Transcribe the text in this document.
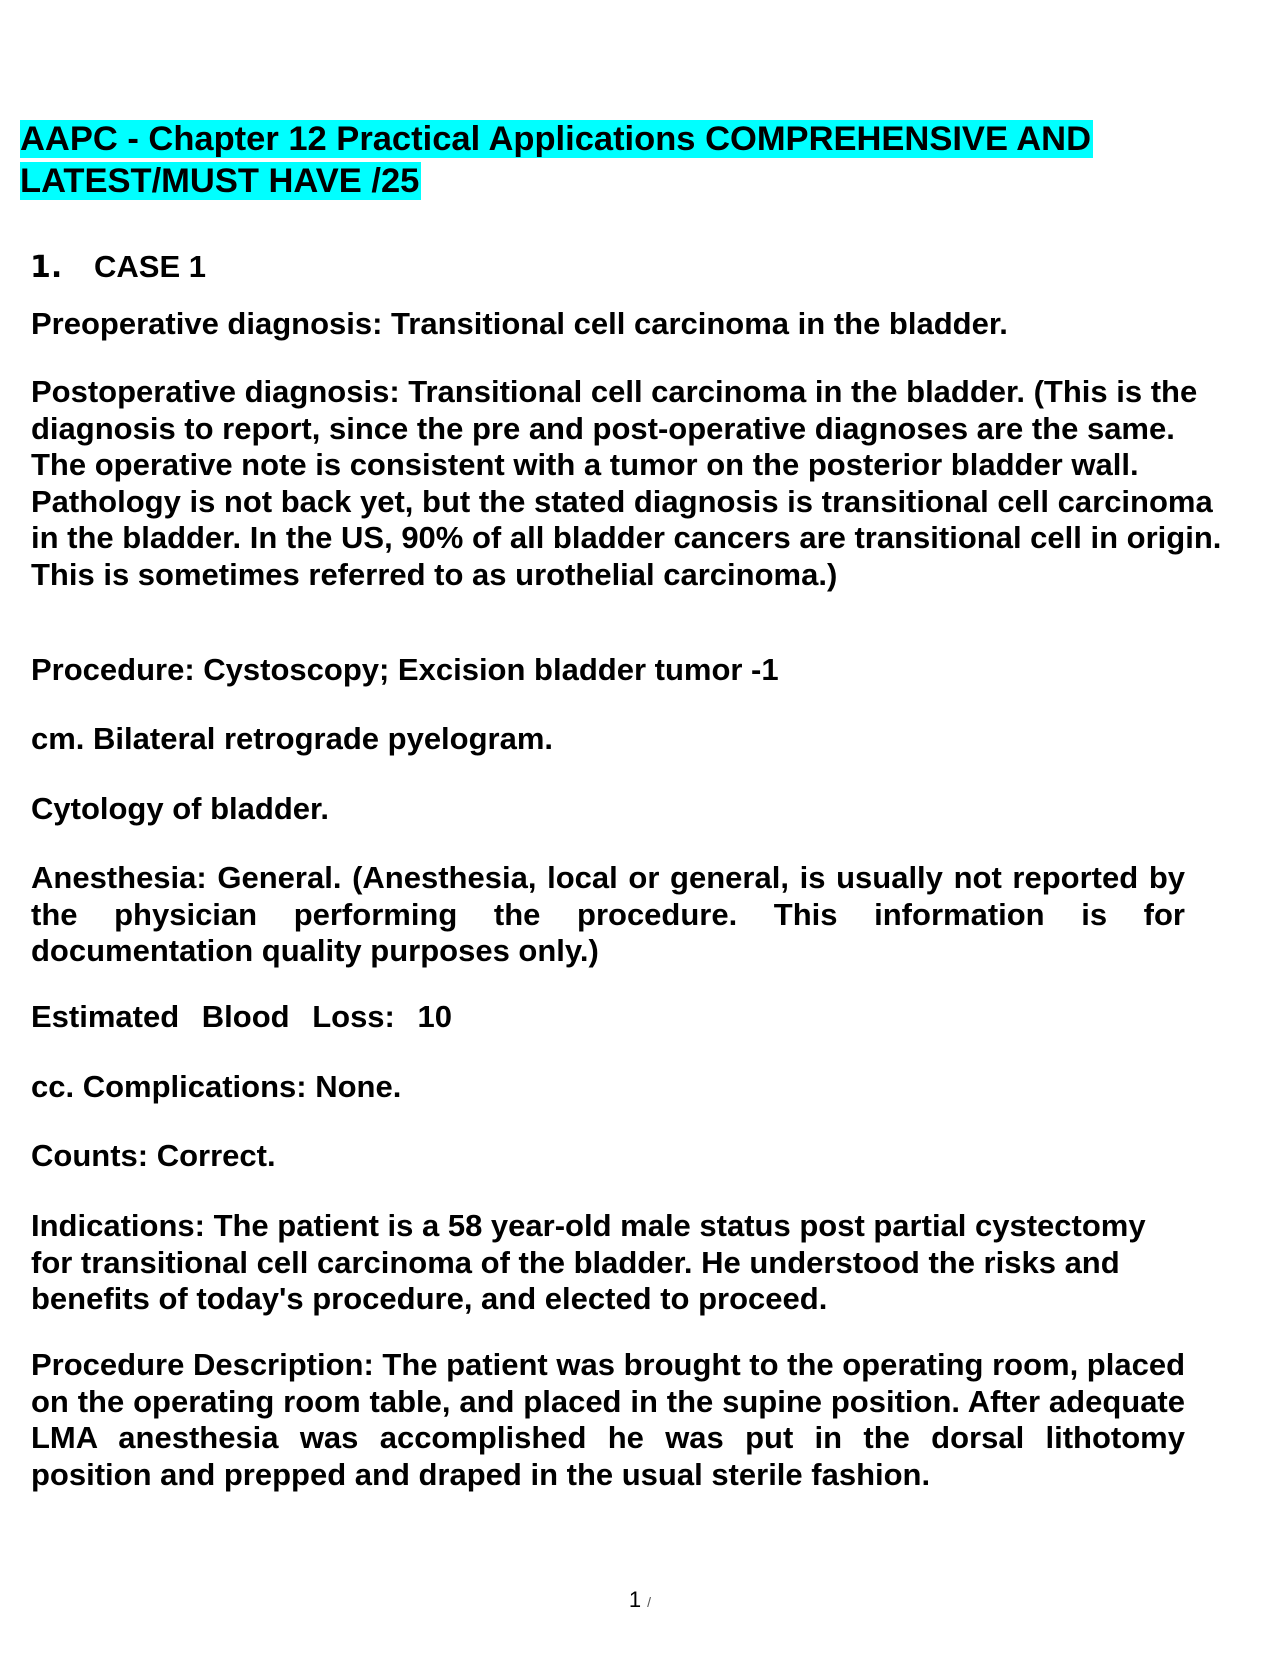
AAPC - Chapter 12 Practical Applications COMPREHENSIVE AND
LATEST/MUST HAVE /25

1. CASE 1

Preoperative diagnosis: Transitional cell carcinoma in the bladder.

Postoperative diagnosis: Transitional cell carcinoma in the bladder. (This is the diagnosis to report, since the pre and post-operative diagnoses are the same. The operative note is consistent with a tumor on the posterior bladder wall. Pathology is not back yet, but the stated diagnosis is transitional cell carcinoma in the bladder. In the US, 90% of all bladder cancers are transitional cell in origin. This is sometimes referred to as urothelial carcinoma.)

Procedure: Cystoscopy; Excision bladder tumor -1

cm. Bilateral retrograde pyelogram.

Cytology of bladder.

Anesthesia: General. (Anesthesia, local or general, is usually not reported by the physician performing the procedure. This information is for documentation quality purposes only.)

Estimated Blood Loss: 10

cc. Complications: None.

Counts: Correct.

Indications: The patient is a 58 year-old male status post partial cystectomy for transitional cell carcinoma of the bladder. He understood the risks and benefits of today's procedure, and elected to proceed.

Procedure Description: The patient was brought to the operating room, placed on the operating room table, and placed in the supine position. After adequate LMA anesthesia was accomplished he was put in the dorsal lithotomy position and prepped and draped in the usual sterile fashion.

1 /
